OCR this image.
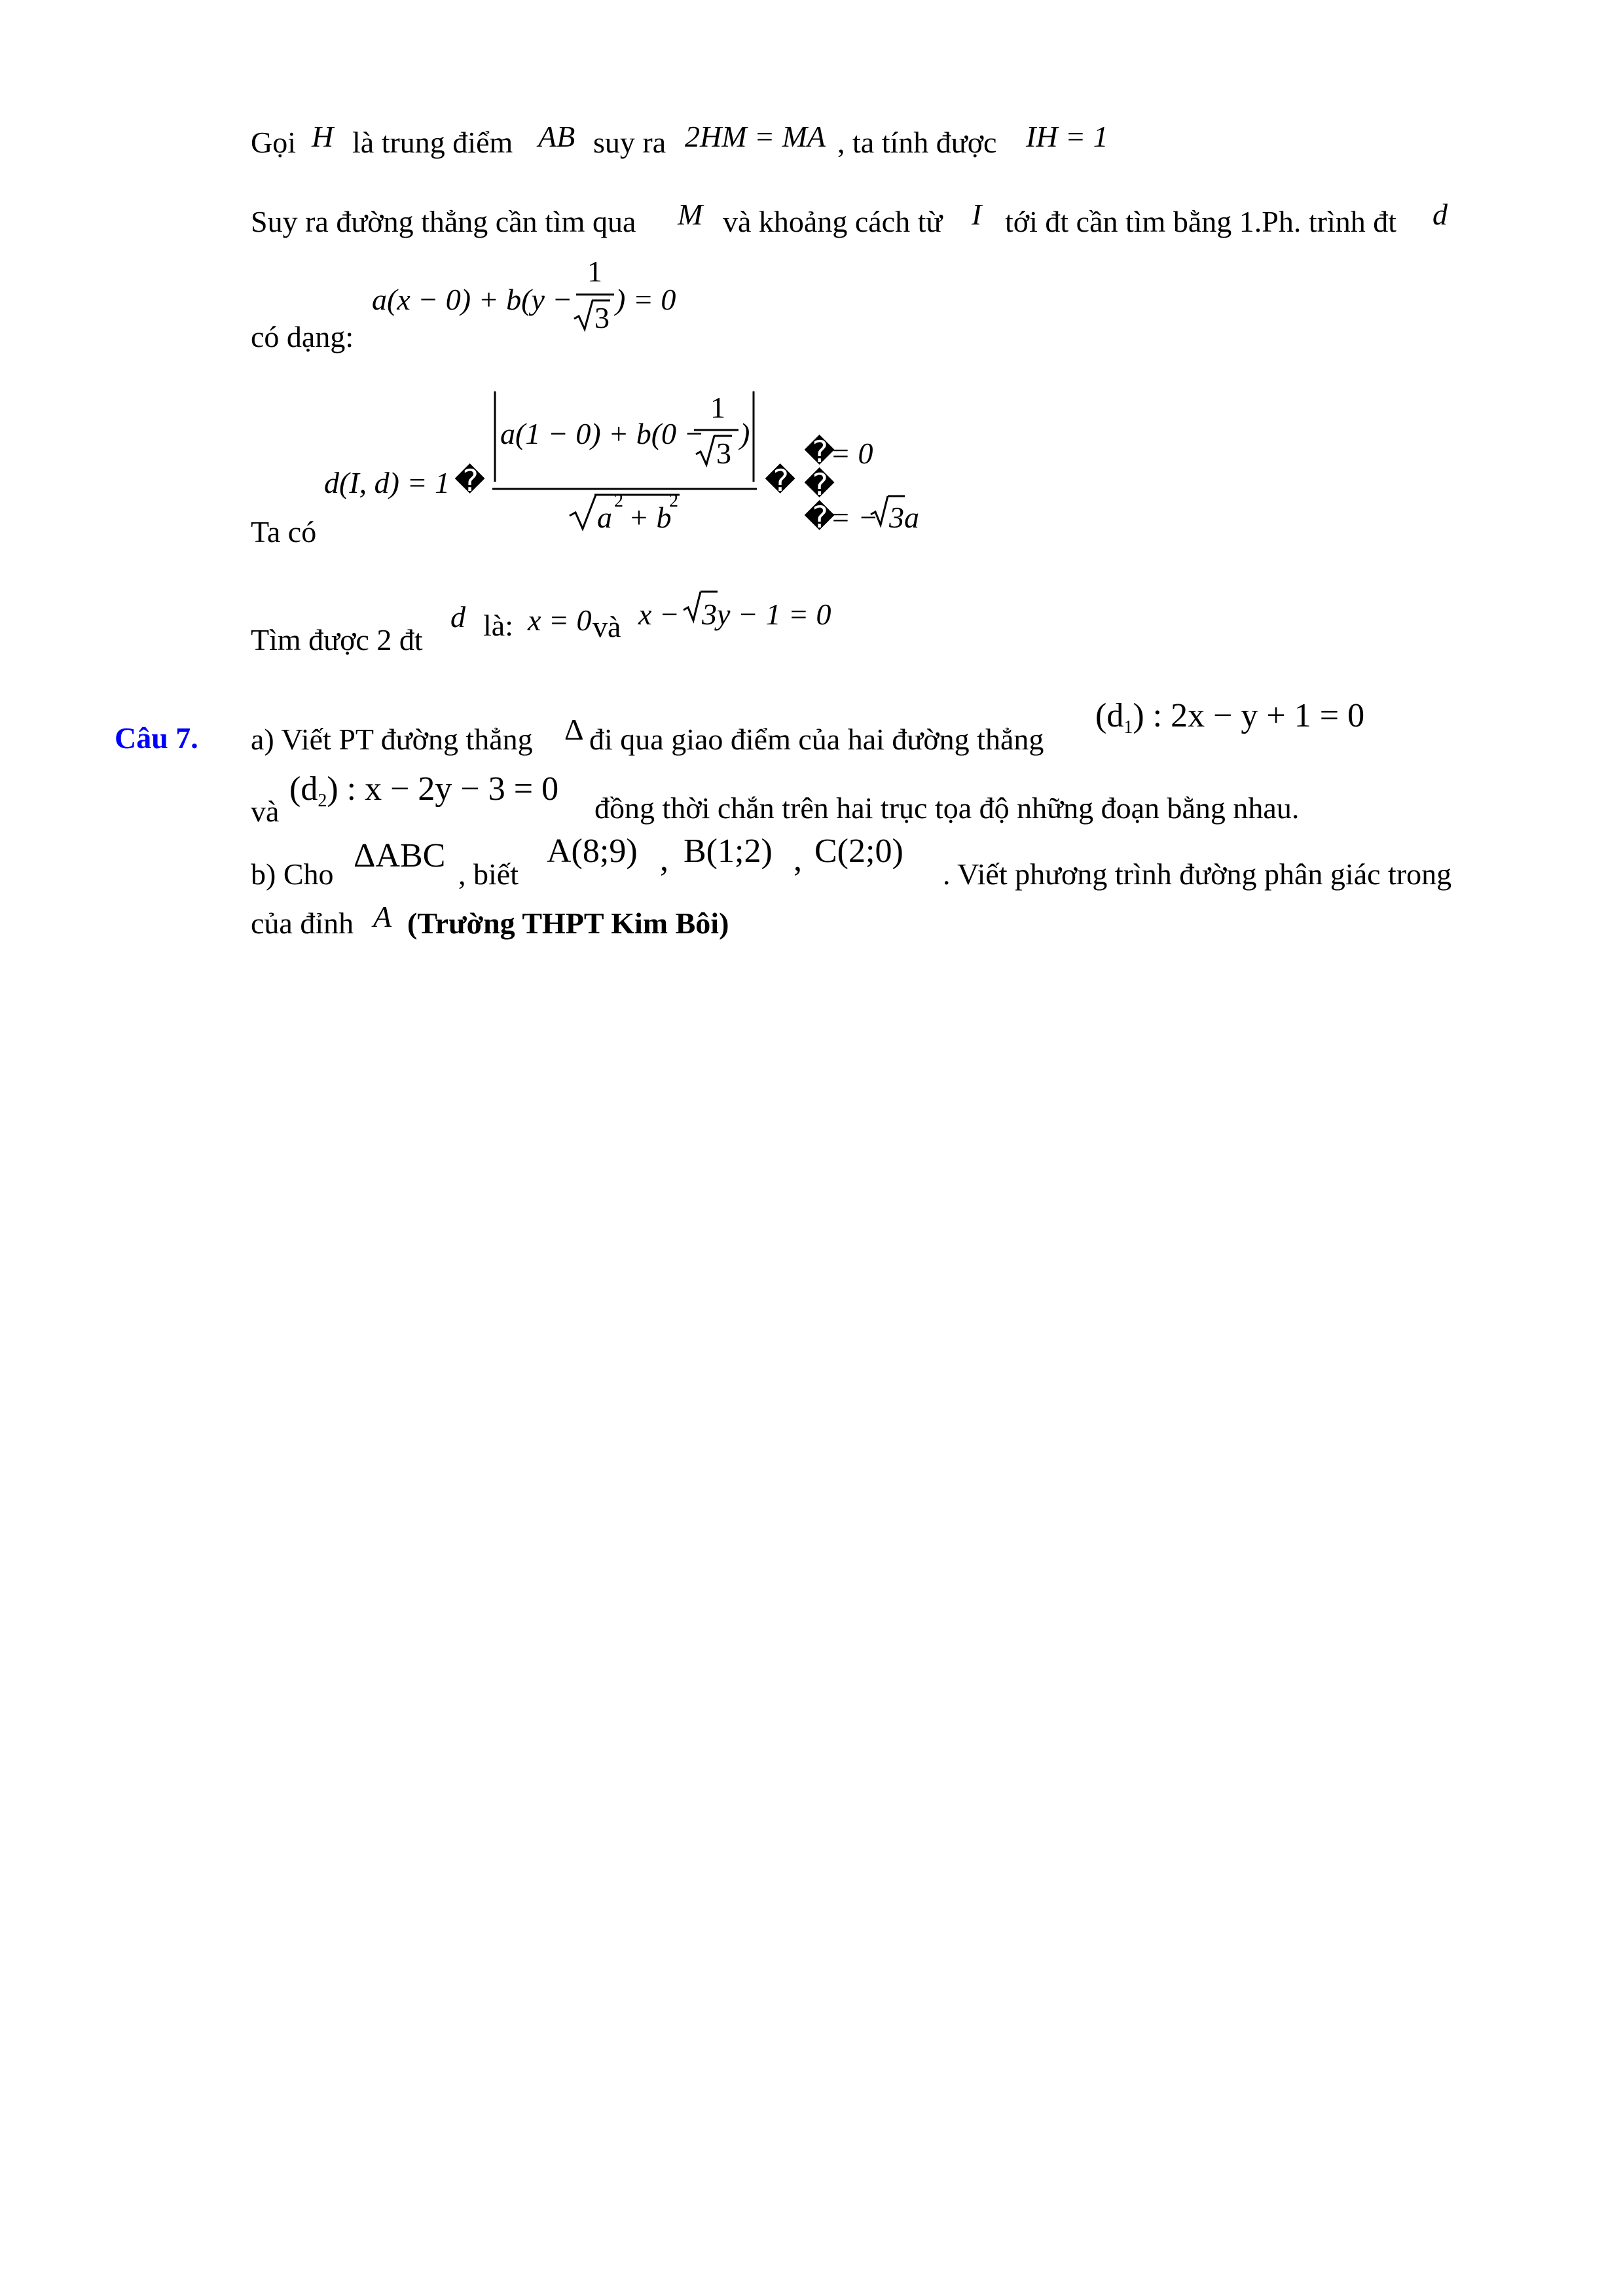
Gọi H là trung điểm AB suy ra 2HM = MA , ta tính được IH = 1
Suy ra đường thẳng cần tìm qua M và khoảng cách từ I tới đt cần tìm bằng 1.Ph. trình đt d
a(x − 0) + b(y −
1
3
) = 0
có dạng:
d(I, d) = 1 �
a(1 − 0) + b(0 −
1
3
)
a 2 + b
2
�
�
= 0
�
�
= − 3a
Ta có
d là: x = 0 và x − 3y − 1 = 0
Tìm được 2 đt
Câu 7. a) Viết PT đường thẳng Δ đi qua giao điểm của hai đường thẳng
$(d_1)$ : 2x − y + 1 = 0
và
$(d_2)$ : x − 2y − 3 = 0
đồng thời chắn trên hai trục tọa độ những đoạn bằng nhau.
b) Cho ΔABC , biết
A(8;9) , B(1;2) , C(2;0)
. Viết phương trình đường phân giác trong
của đỉnh A (Trường THPT Kim Bôi)
